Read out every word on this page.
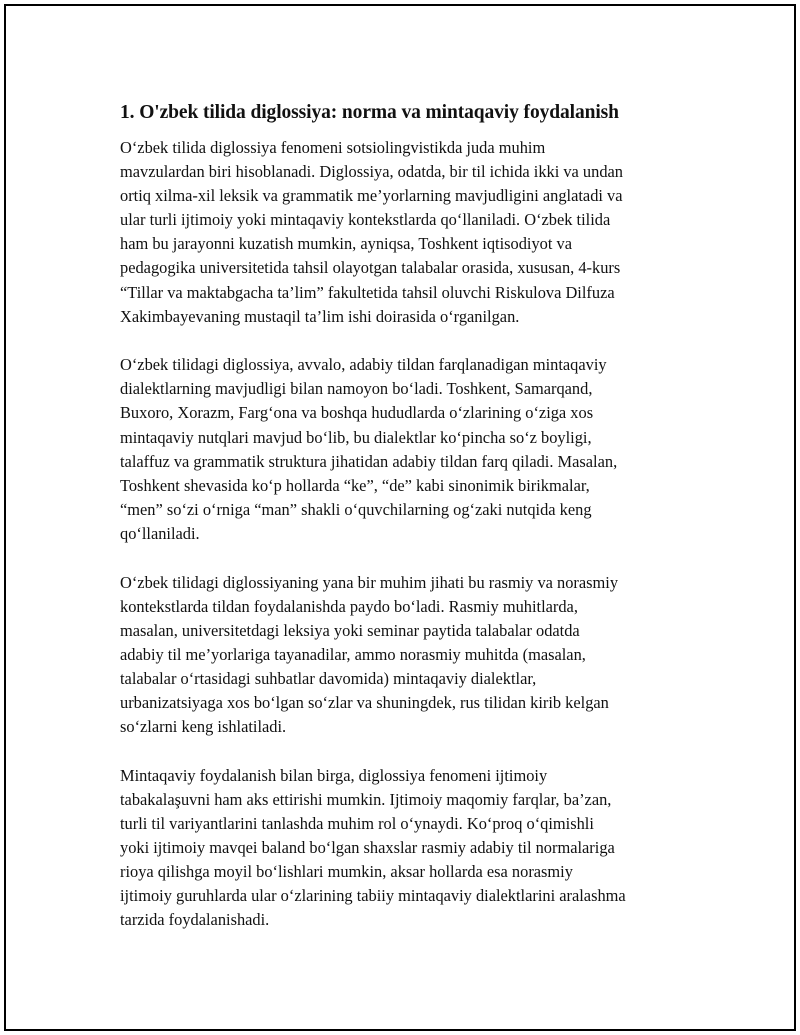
1. O'zbek tilida diglossiya: norma va mintaqaviy foydalanish

O‘zbek tilida diglossiya fenomeni sotsiolingvistikda juda muhim
mavzulardan biri hisoblanadi. Diglossiya, odatda, bir til ichida ikki va undan
ortiq xilma-xil leksik va grammatik me’yorlarning mavjudligini anglatadi va
ular turli ijtimoiy yoki mintaqaviy kontekstlarda qo‘llaniladi. O‘zbek tilida
ham bu jarayonni kuzatish mumkin, ayniqsa, Toshkent iqtisodiyot va
pedagogika universitetida tahsil olayotgan talabalar orasida, xususan, 4-kurs
“Tillar va maktabgacha ta’lim” fakultetida tahsil oluvchi Riskulova Dilfuza
Xakimbayevaning mustaqil ta’lim ishi doirasida o‘rganilgan.

O‘zbek tilidagi diglossiya, avvalo, adabiy tildan farqlanadigan mintaqaviy
dialektlarning mavjudligi bilan namoyon bo‘ladi. Toshkent, Samarqand,
Buxoro, Xorazm, Farg‘ona va boshqa hududlarda o‘zlarining o‘ziga xos
mintaqaviy nutqlari mavjud bo‘lib, bu dialektlar ko‘pincha so‘z boyligi,
talaffuz va grammatik struktura jihatidan adabiy tildan farq qiladi. Masalan,
Toshkent shevasida ko‘p hollarda “ke”, “de” kabi sinonimik birikmalar,
“men” so‘zi o‘rniga “man” shakli o‘quvchilarning og‘zaki nutqida keng
qo‘llaniladi.

O‘zbek tilidagi diglossiyaning yana bir muhim jihati bu rasmiy va norasmiy
kontekstlarda tildan foydalanishda paydo bo‘ladi. Rasmiy muhitlarda,
masalan, universitetdagi leksiya yoki seminar paytida talabalar odatda
adabiy til me’yorlariga tayanadilar, ammo norasmiy muhitda (masalan,
talabalar o‘rtasidagi suhbatlar davomida) mintaqaviy dialektlar,
urbanizatsiyaga xos bo‘lgan so‘zlar va shuningdek, rus tilidan kirib kelgan
so‘zlarni keng ishlatiladi.

Mintaqaviy foydalanish bilan birga, diglossiya fenomeni ijtimoiy
tabakalaşuvni ham aks ettirishi mumkin. Ijtimoiy maqomiy farqlar, ba’zan,
turli til variyantlarini tanlashda muhim rol o‘ynaydi. Ko‘proq o‘qimishli
yoki ijtimoiy mavqei baland bo‘lgan shaxslar rasmiy adabiy til normalariga
rioya qilishga moyil bo‘lishlari mumkin, aksar hollarda esa norasmiy
ijtimoiy guruhlarda ular o‘zlarining tabiiy mintaqaviy dialektlarini aralashma
tarzida foydalanishadi.
